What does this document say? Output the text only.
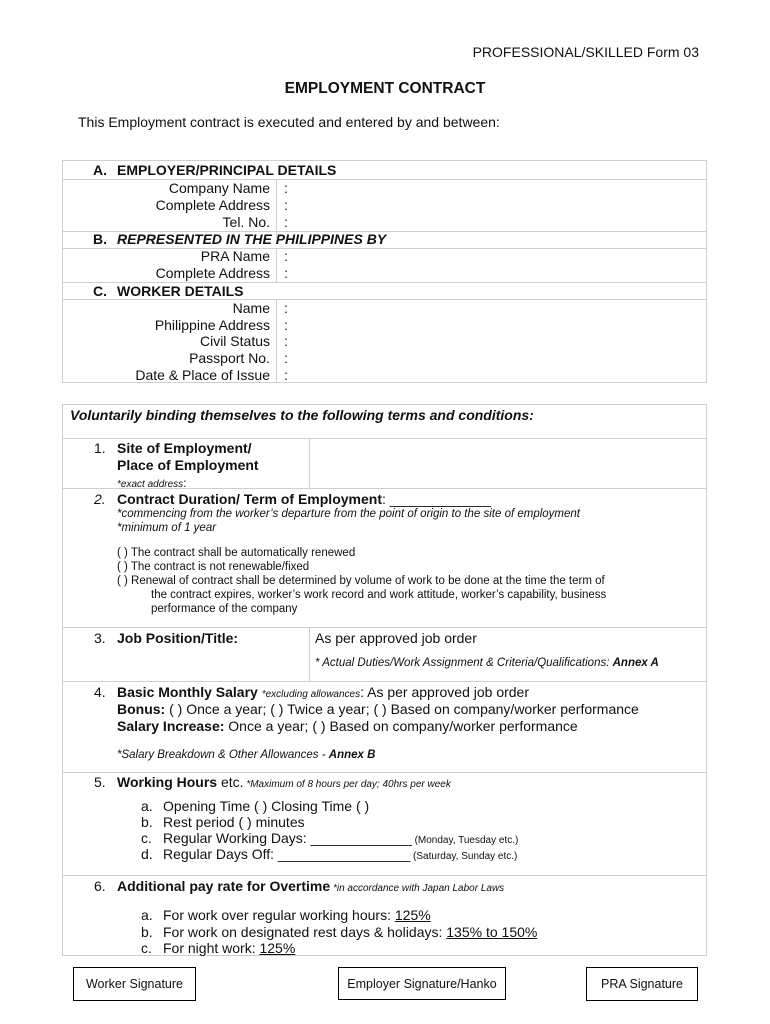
PROFESSIONAL/SKILLED Form 03
EMPLOYMENT CONTRACT
This Employment contract is executed and entered by and between:
A. EMPLOYER/PRINCIPAL DETAILS
Company Name :
Complete Address :
Tel. No. :
B. REPRESENTED IN THE PHILIPPINES BY
PRA Name :
Complete Address :
C. WORKER DETAILS
Name :
Philippine Address :
Civil Status :
Passport No. :
Date & Place of Issue :
Voluntarily binding themselves to the following terms and conditions:
1. Site of Employment/
Place of Employment
*exact address:
2. Contract Duration/ Term of Employment: _____________
*commencing from the worker’s departure from the point of origin to the site of employment
*minimum of 1 year
( ) The contract shall be automatically renewed
( ) The contract is not renewable/fixed
( ) Renewal of contract shall be determined by volume of work to be done at the time the term of
the contract expires, worker’s work record and work attitude, worker’s capability, business
performance of the company
3. Job Position/Title:	As per approved job order
* Actual Duties/Work Assignment & Criteria/Qualifications: Annex A
4. Basic Monthly Salary *excluding allowances: As per approved job order
Bonus: ( ) Once a year; ( ) Twice a year; ( ) Based on company/worker performance
Salary Increase: Once a year; ( ) Based on company/worker performance
*Salary Breakdown & Other Allowances - Annex B
5. Working Hours etc. *Maximum of 8 hours per day; 40hrs per week
a. Opening Time ( ) Closing Time ( )
b. Rest period ( ) minutes
c. Regular Working Days: _____________ (Monday, Tuesday etc.)
d. Regular Days Off: _________________ (Saturday, Sunday etc.)
6. Additional pay rate for Overtime *in accordance with Japan Labor Laws
a. For work over regular working hours: 125%
b. For work on designated rest days & holidays: 135% to 150%
c. For night work: 125%
Worker Signature	Employer Signature/Hanko	PRA Signature
